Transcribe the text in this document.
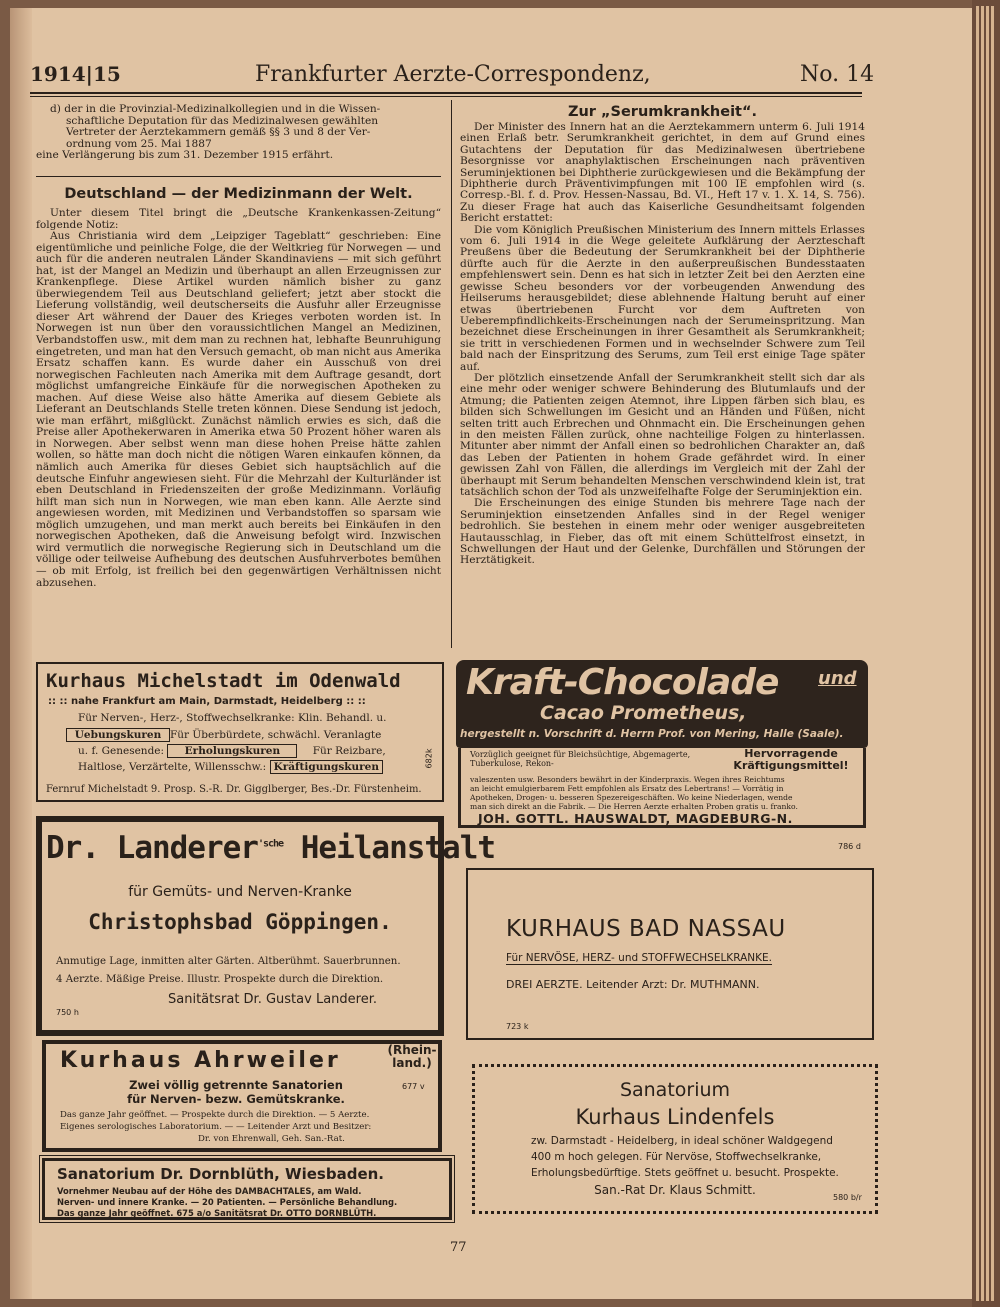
1914|15	Frankfurter Aerzte-Correspondenz,	No. 14
d) der in die Provinzial-Medizinalkollegien und in die Wissen-
schaftliche Deputation für das Medizinalwesen gewählten
Vertreter der Aerztekammern gemäß §§ 3 und 8 der Ver-
ordnung vom 25. Mai 1887
eine Verlängerung bis zum 31. Dezember 1915 erfährt.
Deutschland — der Medizinmann der Welt.

Unter diesem Titel bringt die „Deutsche Krankenkassen-Zeitung“ folgende Notiz:

Aus Christiania wird dem „Leipziger Tageblatt“ geschrieben: Eine eigentümliche und peinliche Folge, die der Weltkrieg für Norwegen — und auch für die anderen neutralen Länder Skandinaviens — mit sich geführt hat, ist der Mangel an Medizin und überhaupt an allen Erzeugnissen zur Krankenpflege. Diese Artikel wurden nämlich bisher zu ganz überwiegendem Teil aus Deutschland geliefert; jetzt aber stockt die Lieferung vollständig, weil deutscherseits die Ausfuhr aller Erzeugnisse dieser Art während der Dauer des Krieges verboten worden ist. In Norwegen ist nun über den voraussichtlichen Mangel an Medizinen, Verbandstoffen usw., mit dem man zu rechnen hat, lebhafte Beunruhigung eingetreten, und man hat den Versuch gemacht, ob man nicht aus Amerika Ersatz schaffen kann. Es wurde daher ein Ausschuß von drei norwegischen Fachleuten nach Amerika mit dem Auftrage gesandt, dort möglichst umfangreiche Einkäufe für die norwegischen Apotheken zu machen. Auf diese Weise also hätte Amerika auf diesem Gebiete als Lieferant an Deutschlands Stelle treten können. Diese Sendung ist jedoch, wie man erfährt, mißglückt. Zunächst nämlich erwies es sich, daß die Preise aller Apothekerwaren in Amerika etwa 50 Prozent höher waren als in Norwegen. Aber selbst wenn man diese hohen Preise hätte zahlen wollen, so hätte man doch nicht die nötigen Waren einkaufen können, da nämlich auch Amerika für dieses Gebiet sich hauptsächlich auf die deutsche Einfuhr angewiesen sieht. Für die Mehrzahl der Kulturländer ist eben Deutschland in Friedenszeiten der große Medizinmann. Vorläufig hilft man sich nun in Norwegen, wie man eben kann. Alle Aerzte sind angewiesen worden, mit Medizinen und Verbandstoffen so sparsam wie möglich umzugehen, und man merkt auch bereits bei Einkäufen in den norwegischen Apotheken, daß die Anweisung befolgt wird. Inzwischen wird vermutlich die norwegische Regierung sich in Deutschland um die völlige oder teilweise Aufhebung des deutschen Ausfuhrverbotes bemühen — ob mit Erfolg, ist freilich bei den gegenwärtigen Verhältnissen nicht abzusehen.

Zur „Serumkrankheit“.

Der Minister des Innern hat an die Aerztekammern unterm 6. Juli 1914 einen Erlaß betr. Serumkrankheit gerichtet, in dem auf Grund eines Gutachtens der Deputation für das Medizinalwesen übertriebene Besorgnisse vor anaphylaktischen Erscheinungen nach präventiven Seruminjektionen bei Diphtherie zurückgewiesen und die Bekämpfung der Diphtherie durch Präventivimpfungen mit 100 IE empfohlen wird (s. Corresp.-Bl. f. d. Prov. Hessen-Nassau, Bd. VI., Heft 17 v. 1. X. 14, S. 756). Zu dieser Frage hat auch das Kaiserliche Gesundheitsamt folgenden Bericht erstattet:

Die vom Königlich Preußischen Ministerium des Innern mittels Erlasses vom 6. Juli 1914 in die Wege geleitete Aufklärung der Aerzteschaft Preußens über die Bedeutung der Serumkrankheit bei der Diphtherie dürfte auch für die Aerzte in den außerpreußischen Bundesstaaten empfehlenswert sein. Denn es hat sich in letzter Zeit bei den Aerzten eine gewisse Scheu besonders vor der vorbeugenden Anwendung des Heilserums herausgebildet; diese ablehnende Haltung beruht auf einer etwas übertriebenen Furcht vor dem Auftreten von Ueberempfindlichkeits-Erscheinungen nach der Serumeinspritzung. Man bezeichnet diese Erscheinungen in ihrer Gesamtheit als Serumkrankheit; sie tritt in verschiedenen Formen und in wechselnder Schwere zum Teil bald nach der Einspritzung des Serums, zum Teil erst einige Tage später auf.

Der plötzlich einsetzende Anfall der Serumkrankheit stellt sich dar als eine mehr oder weniger schwere Behinderung des Blutumlaufs und der Atmung; die Patienten zeigen Atemnot, ihre Lippen färben sich blau, es bilden sich Schwellungen im Gesicht und an Händen und Füßen, nicht selten tritt auch Erbrechen und Ohnmacht ein. Die Erscheinungen gehen in den meisten Fällen zurück, ohne nachteilige Folgen zu hinterlassen. Mitunter aber nimmt der Anfall einen so bedrohlichen Charakter an, daß das Leben der Patienten in hohem Grade gefährdet wird. In einer gewissen Zahl von Fällen, die allerdings im Vergleich mit der Zahl der überhaupt mit Serum behandelten Menschen verschwindend klein ist, trat tatsächlich schon der Tod als unzweifelhafte Folge der Seruminjektion ein.

Die Erscheinungen des einige Stunden bis mehrere Tage nach der Seruminjektion einsetzenden Anfalles sind in der Regel weniger bedrohlich. Sie bestehen in einem mehr oder weniger ausgebreiteten Hautausschlag, in Fieber, das oft mit einem Schüttelfrost einsetzt, in Schwellungen der Haut und der Gelenke, Durchfällen und Störungen der Herztätigkeit.

Kurhaus Michelstadt im Odenwald
:: :: nahe Frankfurt am Main, Darmstadt, Heidelberg :: ::
Für Nerven-, Herz-, Stoffwechselkranke: Klin. Behandl. u.
Uebungskuren Für Überbürdete, schwächl. Veranlagte
u. f. Genesende: Erholungskuren	Für Reizbare,
Haltlose, Verzärtelte, Willensschw.: Kräftigungskuren	682k
Fernruf Michelstadt 9. Prosp. S.-R. Dr. Gigglberger, Bes.-Dr. Fürstenheim.
Dr. Landerer$^{'sche}$ Heilanstalt
für Gemüts- und Nerven-Kranke
Christophsbad Göppingen.
Anmutige Lage, inmitten alter Gärten. Altberühmt. Sauerbrunnen.
4 Aerzte. Mäßige Preise. Illustr. Prospekte durch die Direktion.
Sanitätsrat Dr. Gustav Landerer.
750 h
Kurhaus Ahrweiler	(Rhein-land.)
Zwei völlig getrennte Sanatorien
für Nerven- bezw. Gemütskranke.
677 v
Das ganze Jahr geöffnet. — Prospekte durch die Direktion. — 5 Aerzte.
Eigenes serologisches Laboratorium. — — Leitender Arzt und Besitzer:
Dr. von Ehrenwall, Geh. San.-Rat.
Sanatorium Dr. Dornblüth, Wiesbaden.
Vornehmer Neubau auf der Höhe des DAMBACHTALES, am Wald.
Nerven- und innere Kranke. — 20 Patienten. — Persönliche Behandlung.
Das ganze Jahr geöffnet. 675 a/o Sanitätsrat Dr. OTTO DORNBLÜTH.
Kraft-Chocolade und
Cacao Prometheus,
hergestellt n. Vorschrift d. Herrn Prof. von Mering, Halle (Saale).
Vorzüglich geeignet für Bleichsüchtige, Abgemagerte, Tuberkulose, Rekon-
Hervorragende Kräftigungsmittel!
valeszenten usw. Besonders bewährt in der Kinderpraxis. Wegen ihres Reichtums
an leicht emulgierbarem Fett empfohlen als Ersatz des Lebertrans! — Vorrätig in
Apotheken, Drogen- u. besseren Spezereigeschäften. Wo keine Niederlagen, wende
man sich direkt an die Fabrik. — Die Herren Aerzte erhalten Proben gratis u. franko.
JOH. GOTTL. HAUSWALDT, MAGDEBURG-N.
786 d
KURHAUS BAD NASSAU
Für NERVÖSE, HERZ- und STOFFWECHSELKRANKE.
DREI AERZTE. Leitender Arzt: Dr. MUTHMANN.
723 k
Sanatorium
Kurhaus Lindenfels
zw. Darmstadt - Heidelberg, in ideal schöner Waldgegend
400 m hoch gelegen. Für Nervöse, Stoffwechselkranke,
Erholungsbedürftige. Stets geöffnet u. besucht. Prospekte.
San.-Rat Dr. Klaus Schmitt.
580 b/r
77
